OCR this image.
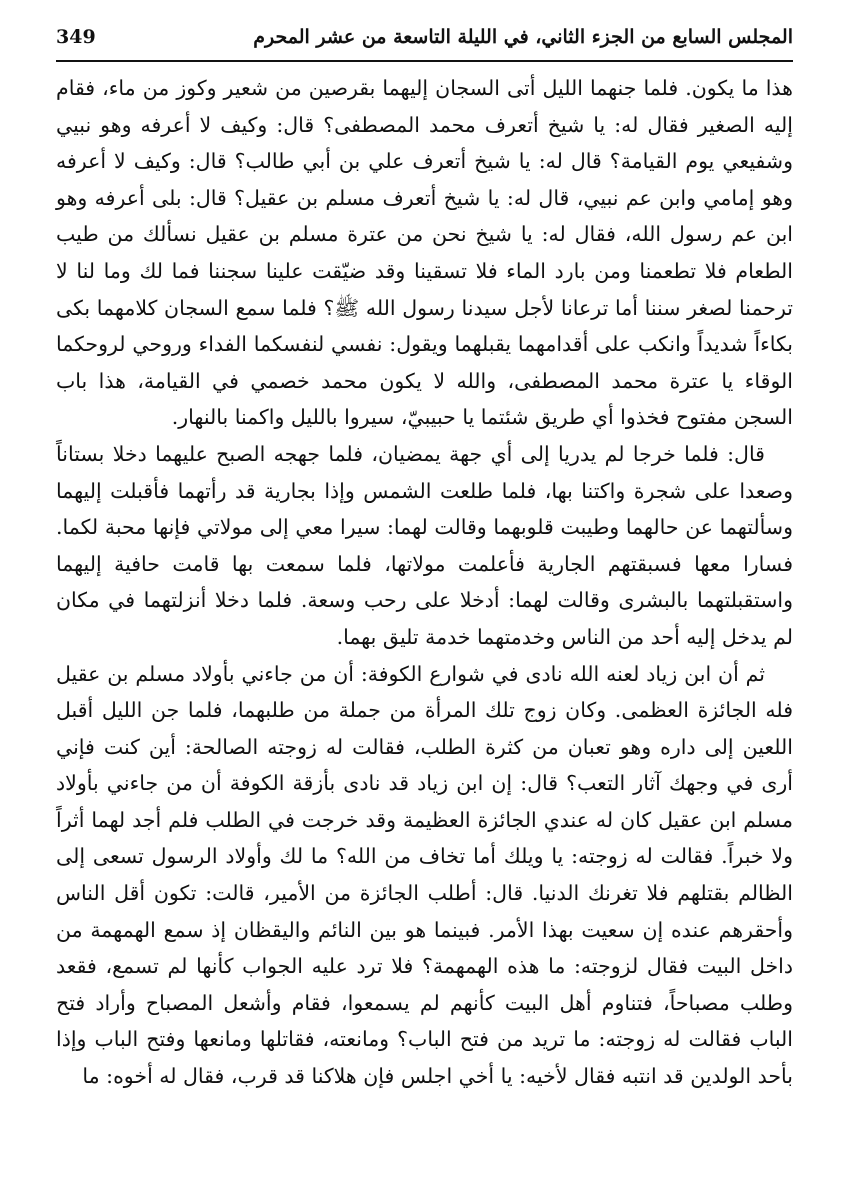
المجلس السابع من الجزء الثاني، في الليلة التاسعة من عشر المحرم
349

هذا ما يكون. فلما جنهما الليل أتى السجان إليهما بقرصين من شعير وكوز من ماء، فقام إليه الصغير فقال له: يا شيخ أتعرف محمد المصطفى؟ قال: وكيف لا أعرفه وهو نبيي وشفيعي يوم القيامة؟ قال له: يا شيخ أتعرف علي بن أبي طالب؟ قال: وكيف لا أعرفه وهو إمامي وابن عم نبيي، قال له: يا شيخ أتعرف مسلم بن عقيل؟ قال: بلى أعرفه وهو ابن عم رسول الله، فقال له: يا شيخ نحن من عترة مسلم بن عقيل نسألك من طيب الطعام فلا تطعمنا ومن بارد الماء فلا تسقينا وقد ضيّقت علينا سجننا فما لك وما لنا لا ترحمنا لصغر سننا أما ترعانا لأجل سيدنا رسول الله ﷺ؟ فلما سمع السجان كلامهما بكى بكاءاً شديداً وانكب على أقدامهما يقبلهما ويقول: نفسي لنفسكما الفداء وروحي لروحكما الوقاء يا عترة محمد المصطفى، والله لا يكون محمد خصمي في القيامة، هذا باب السجن مفتوح فخذوا أي طريق شئتما يا حبيبيّ، سيروا بالليل واكمنا بالنهار.

قال: فلما خرجا لم يدريا إلى أي جهة يمضيان، فلما جهجه الصبح عليهما دخلا بستاناً وصعدا على شجرة واكتنا بها، فلما طلعت الشمس وإذا بجارية قد رأتهما فأقبلت إليهما وسألتهما عن حالهما وطيبت قلوبهما وقالت لهما: سيرا معي إلى مولاتي فإنها محبة لكما. فسارا معها فسبقتهم الجارية فأعلمت مولاتها، فلما سمعت بها قامت حافية إليهما واستقبلتهما بالبشرى وقالت لهما: أدخلا على رحب وسعة. فلما دخلا أنزلتهما في مكان لم يدخل إليه أحد من الناس وخدمتهما خدمة تليق بهما.

ثم أن ابن زياد لعنه الله نادى في شوارع الكوفة: أن من جاءني بأولاد مسلم بن عقيل فله الجائزة العظمى. وكان زوج تلك المرأة من جملة من طلبهما، فلما جن الليل أقبل اللعين إلى داره وهو تعبان من كثرة الطلب، فقالت له زوجته الصالحة: أين كنت فإني أرى في وجهك آثار التعب؟ قال: إن ابن زياد قد نادى بأزقة الكوفة أن من جاءني بأولاد مسلم ابن عقيل كان له عندي الجائزة العظيمة وقد خرجت في الطلب فلم أجد لهما أثراً ولا خبراً. فقالت له زوجته: يا ويلك أما تخاف من الله؟ ما لك وأولاد الرسول تسعى إلى الظالم بقتلهم فلا تغرنك الدنيا. قال: أطلب الجائزة من الأمير، قالت: تكون أقل الناس وأحقرهم عنده إن سعيت بهذا الأمر. فبينما هو بين النائم واليقظان إذ سمع الهمهمة من داخل البيت فقال لزوجته: ما هذه الهمهمة؟ فلا ترد عليه الجواب كأنها لم تسمع، فقعد وطلب مصباحاً، فتناوم أهل البيت كأنهم لم يسمعوا، فقام وأشعل المصباح وأراد فتح الباب فقالت له زوجته: ما تريد من فتح الباب؟ ومانعته، فقاتلها ومانعها وفتح الباب وإذا بأحد الولدين قد انتبه فقال لأخيه: يا أخي اجلس فإن هلاكنا قد قرب، فقال له أخوه: ما
